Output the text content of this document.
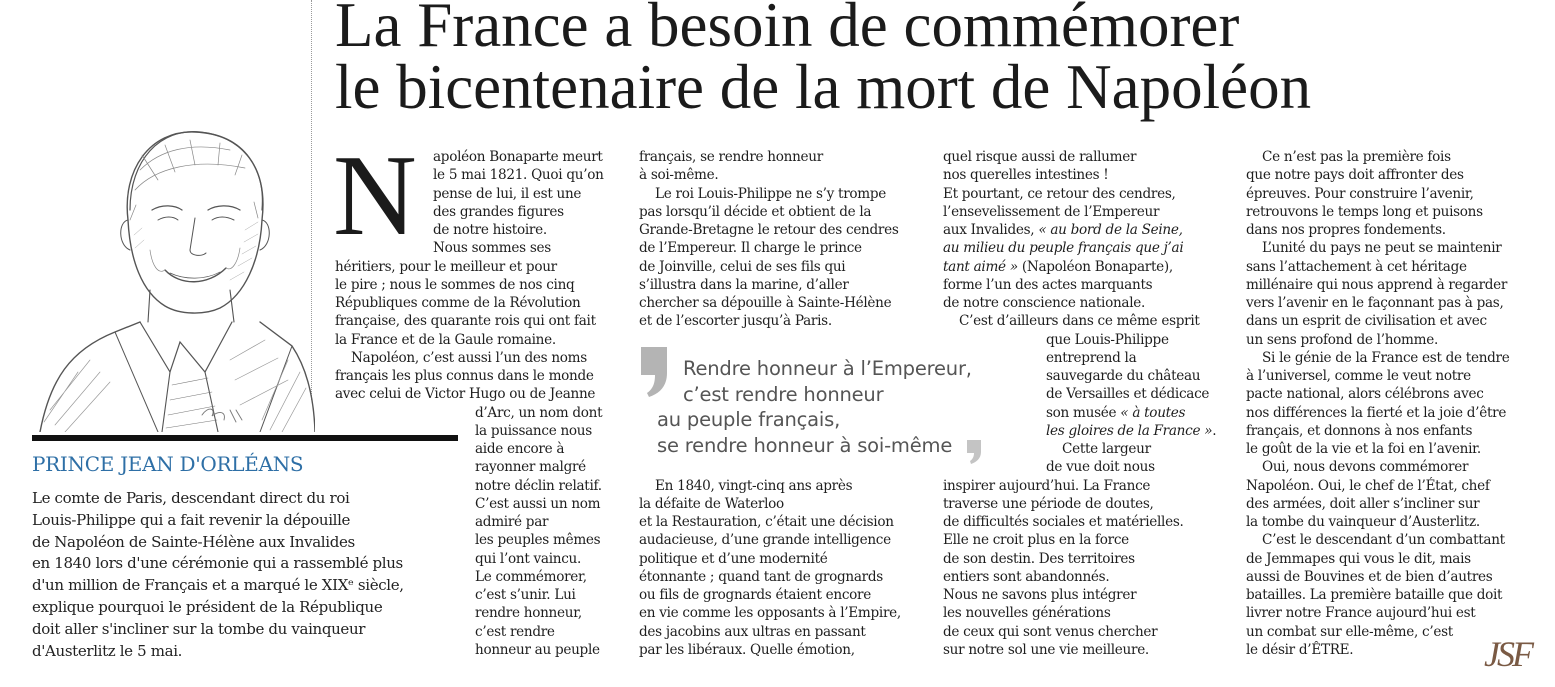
La France a besoin de commémorer
le bicentenaire de la mort de Napoléon
PRINCE JEAN D'ORLÉANS
Le comte de Paris, descendant direct du roi
Louis-Philippe qui a fait revenir la dépouille
de Napoléon de Sainte-Hélène aux Invalides
en 1840 lors d'une cérémonie qui a rassemblé plus
d'un million de Français et a marqué le XIXᵉ siècle,
explique pourquoi le président de la République
doit aller s'incliner sur la tombe du vainqueur
d'Austerlitz le 5 mai.
N apoléon Bonaparte meurt
le 5 mai 1821. Quoi qu’on
pense de lui, il est une
des grandes figures
de notre histoire.
Nous sommes ses
héritiers, pour le meilleur et pour
le pire ; nous le sommes de nos cinq
Républiques comme de la Révolution
française, des quarante rois qui ont fait
la France et de la Gaule romaine.
Napoléon, c’est aussi l’un des noms
français les plus connus dans le monde
avec celui de Victor Hugo ou de Jeanne
d’Arc, un nom dont
la puissance nous
aide encore à
rayonner malgré
notre déclin relatif.
C’est aussi un nom
admiré par
les peuples mêmes
qui l’ont vaincu.
Le commémorer,
c’est s’unir. Lui
rendre honneur,
c’est rendre
honneur au peuple
français, se rendre honneur
à soi-même.
Le roi Louis-Philippe ne s’y trompe
pas lorsqu’il décide et obtient de la
Grande-Bretagne le retour des cendres
de l’Empereur. Il charge le prince
de Joinville, celui de ses fils qui
s’illustra dans la marine, d’aller
chercher sa dépouille à Sainte-Hélène
et de l’escorter jusqu’à Paris.
Rendre honneur à l’Empereur,
c’est rendre honneur
au peuple français,
se rendre honneur à soi-même
En 1840, vingt-cinq ans après
la défaite de Waterloo
et la Restauration, c’était une décision
audacieuse, d’une grande intelligence
politique et d’une modernité
étonnante ; quand tant de grognards
ou fils de grognards étaient encore
en vie comme les opposants à l’Empire,
des jacobins aux ultras en passant
par les libéraux. Quelle émotion,
quel risque aussi de rallumer
nos querelles intestines !
Et pourtant, ce retour des cendres,
l’ensevelissement de l’Empereur
aux Invalides, « au bord de la Seine,
au milieu du peuple français que j’ai
tant aimé » (Napoléon Bonaparte),
forme l’un des actes marquants
de notre conscience nationale.
C’est d’ailleurs dans ce même esprit
que Louis-Philippe
entreprend la
sauvegarde du château
de Versailles et dédicace
son musée « à toutes
les gloires de la France ».
Cette largeur
de vue doit nous
inspirer aujourd’hui. La France
traverse une période de doutes,
de difficultés sociales et matérielles.
Elle ne croit plus en la force
de son destin. Des territoires
entiers sont abandonnés.
Nous ne savons plus intégrer
les nouvelles générations
de ceux qui sont venus chercher
sur notre sol une vie meilleure.
Ce n’est pas la première fois
que notre pays doit affronter des
épreuves. Pour construire l’avenir,
retrouvons le temps long et puisons
dans nos propres fondements.
L’unité du pays ne peut se maintenir
sans l’attachement à cet héritage
millénaire qui nous apprend à regarder
vers l’avenir en le façonnant pas à pas,
dans un esprit de civilisation et avec
un sens profond de l’homme.
Si le génie de la France est de tendre
à l’universel, comme le veut notre
pacte national, alors célébrons avec
nos différences la fierté et la joie d’être
français, et donnons à nos enfants
le goût de la vie et la foi en l’avenir.
Oui, nous devons commémorer
Napoléon. Oui, le chef de l’État, chef
des armées, doit aller s’incliner sur
la tombe du vainqueur d’Austerlitz.
C’est le descendant d’un combattant
de Jemmapes qui vous le dit, mais
aussi de Bouvines et de bien d’autres
batailles. La première bataille que doit
livrer notre France aujourd’hui est
un combat sur elle-même, c’est
le désir d’ÊTRE.	JSF
